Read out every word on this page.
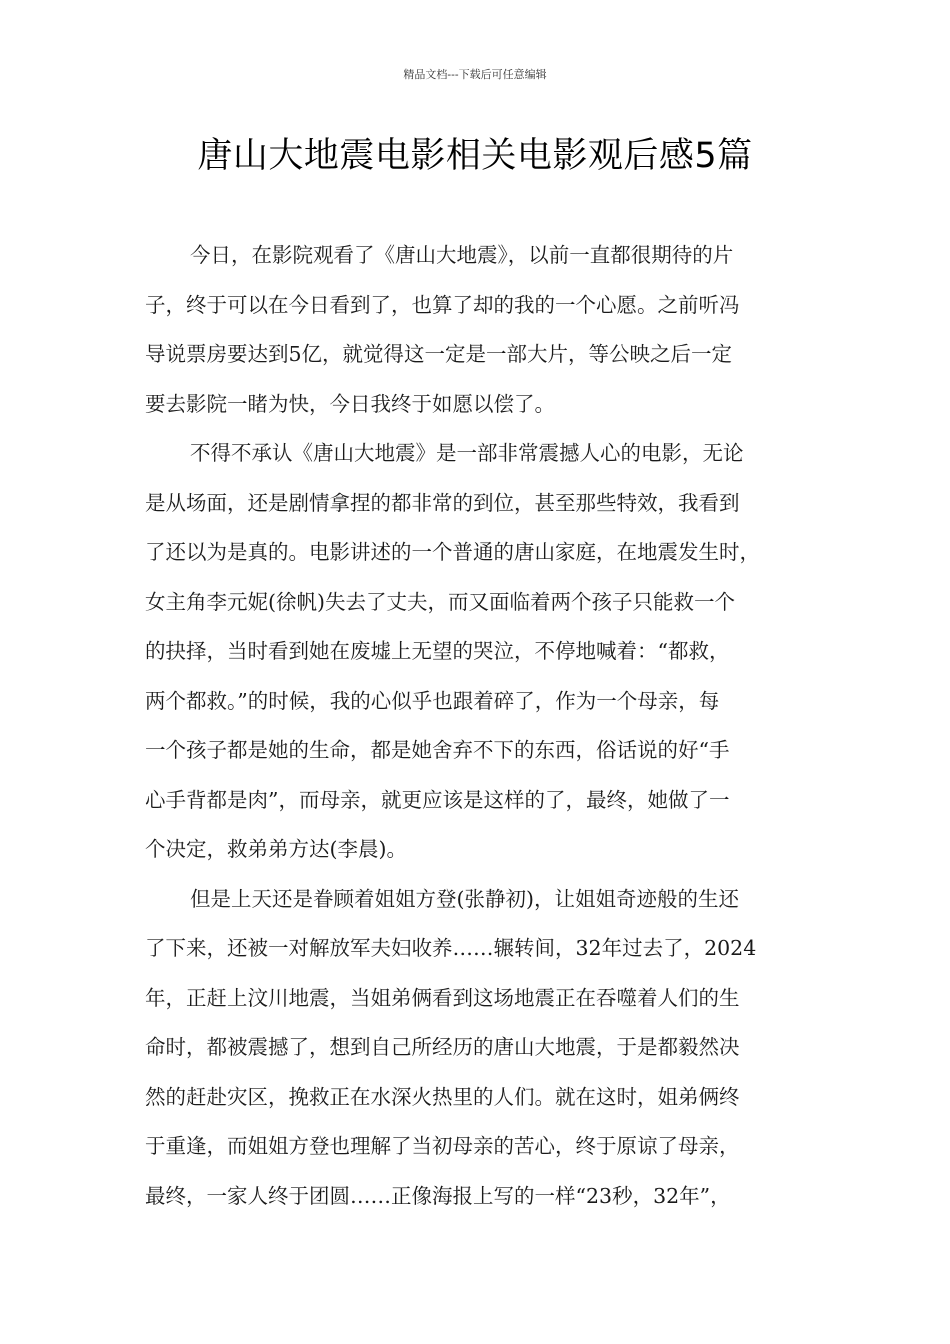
精品文档---下载后可任意编辑
唐山大地震电影相关电影观后感5篇
今日，在影院观看了《唐山大地震》，以前一直都很期待的片
子，终于可以在今日看到了，也算了却的我的一个心愿。之前听冯
导说票房要达到5亿，就觉得这一定是一部大片，等公映之后一定
要去影院一睹为快，今日我终于如愿以偿了。
不得不承认《唐山大地震》是一部非常震撼人心的电影，无论
是从场面，还是剧情拿捏的都非常的到位，甚至那些特效，我看到
了还以为是真的。电影讲述的一个普通的唐山家庭，在地震发生时，
女主角李元妮(徐帆)失去了丈夫，而又面临着两个孩子只能救一个
的抉择，当时看到她在废墟上无望的哭泣，不停地喊着：“都救，
两个都救。”的时候，我的心似乎也跟着碎了，作为一个母亲，每
一个孩子都是她的生命，都是她舍弃不下的东西，俗话说的好“手
心手背都是肉”，而母亲，就更应该是这样的了，最终，她做了一
个决定，救弟弟方达(李晨)。
但是上天还是眷顾着姐姐方登(张静初)，让姐姐奇迹般的生还
了下来，还被一对解放军夫妇收养……辗转间，32年过去了，2024
年，正赶上汶川地震，当姐弟俩看到这场地震正在吞噬着人们的生
命时，都被震撼了，想到自己所经历的唐山大地震，于是都毅然决
然的赶赴灾区，挽救正在水深火热里的人们。就在这时，姐弟俩终
于重逢，而姐姐方登也理解了当初母亲的苦心，终于原谅了母亲，
最终，一家人终于团圆……正像海报上写的一样“23秒，32年”，
